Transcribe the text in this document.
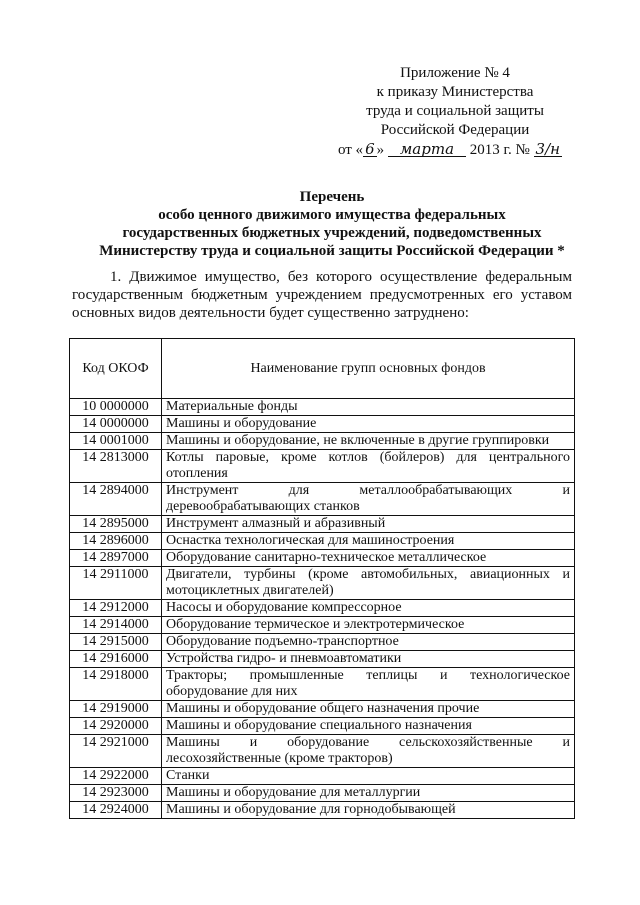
Приложение № 4
к приказу Министерства
труда и социальной защиты
Российской Федерации
от « 6 » марта 2013 г. № 3/н
Перечень
особо ценного движимого имущества федеральных
государственных бюджетных учреждений, подведомственных
Министерству труда и социальной защиты Российской Федерации *
1. Движимое имущество, без которого осуществление федеральным государственным бюджетным учреждением предусмотренных его уставом основных видов деятельности будет существенно затруднено:
Код ОКОФ	Наименование групп основных фондов
10 0000000	Материальные фонды
14 0000000	Машины и оборудование
14 0001000	Машины и оборудование, не включенные в другие группировки
14 2813000	Котлы паровые, кроме котлов (бойлеров) для центрального отопления
14 2894000	Инструмент для металлообрабатывающих и деревообрабатывающих станков
14 2895000	Инструмент алмазный и абразивный
14 2896000	Оснастка технологическая для машиностроения
14 2897000	Оборудование санитарно-техническое металлическое
14 2911000	Двигатели, турбины (кроме автомобильных, авиационных и мотоциклетных двигателей)
14 2912000	Насосы и оборудование компрессорное
14 2914000	Оборудование термическое и электротермическое
14 2915000	Оборудование подъемно-транспортное
14 2916000	Устройства гидро- и пневмоавтоматики
14 2918000	Тракторы; промышленные теплицы и технологическое оборудование для них
14 2919000	Машины и оборудование общего назначения прочие
14 2920000	Машины и оборудование специального назначения
14 2921000	Машины и оборудование сельскохозяйственные и лесохозяйственные (кроме тракторов)
14 2922000	Станки
14 2923000	Машины и оборудование для металлургии
14 2924000	Машины и оборудование для горнодобывающей
